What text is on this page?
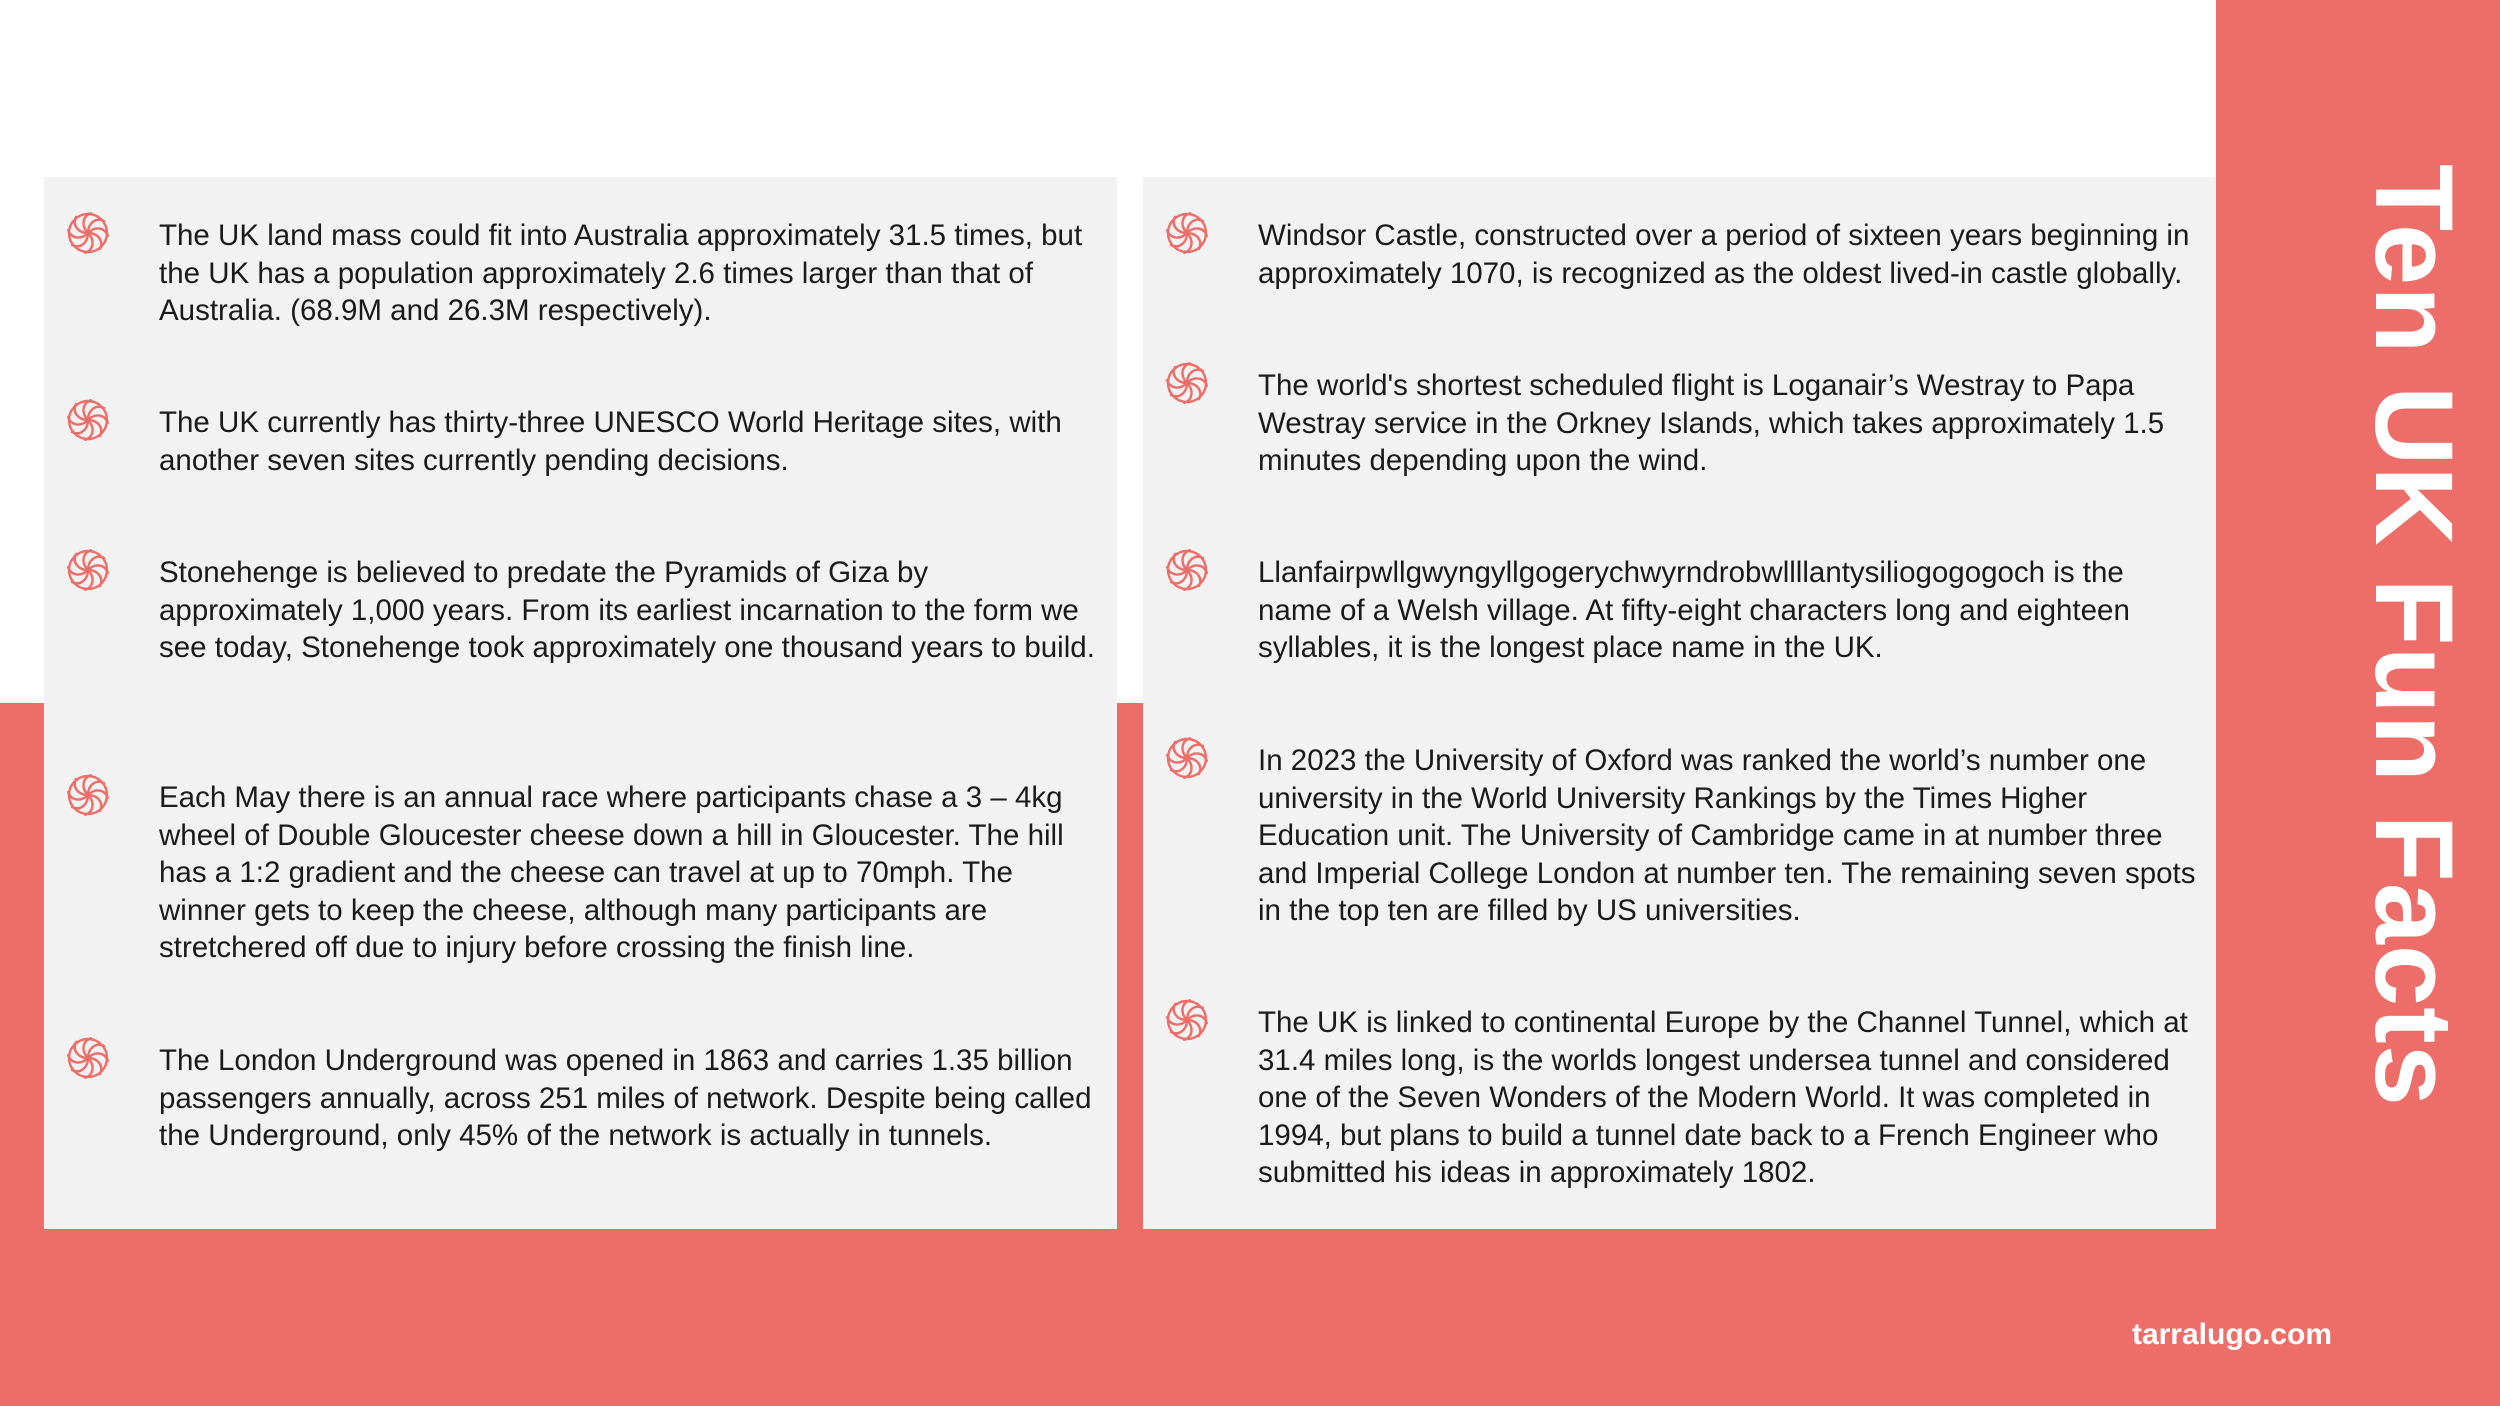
The UK land mass could fit into Australia approximately 31.5 times, but the UK has a population approximately 2.6 times larger than that of Australia. (68.9M and 26.3M respectively).

The UK currently has thirty-three UNESCO World Heritage sites, with another seven sites currently pending decisions.

Stonehenge is believed to predate the Pyramids of Giza by approximately 1,000 years. From its earliest incarnation to the form we see today, Stonehenge took approximately one thousand years to build.

Each May there is an annual race where participants chase a 3 – 4kg wheel of Double Gloucester cheese down a hill in Gloucester. The hill has a 1:2 gradient and the cheese can travel at up to 70mph. The winner gets to keep the cheese, although many participants are stretchered off due to injury before crossing the finish line.

The London Underground was opened in 1863 and carries 1.35 billion passengers annually, across 251 miles of network. Despite being called the Underground, only 45% of the network is actually in tunnels.

Windsor Castle, constructed over a period of sixteen years beginning in approximately 1070, is recognized as the oldest lived-in castle globally.

The world's shortest scheduled flight is Loganair’s Westray to Papa Westray service in the Orkney Islands, which takes approximately 1.5 minutes depending upon the wind.

Llanfairpwllgwyngyllgogerychwyrndrobwllllantysiliogogogoch is the name of a Welsh village. At fifty-eight characters long and eighteen syllables, it is the longest place name in the UK.

In 2023 the University of Oxford was ranked the world’s number one university in the World University Rankings by the Times Higher Education unit. The University of Cambridge came in at number three and Imperial College London at number ten. The remaining seven spots in the top ten are filled by US universities.

The UK is linked to continental Europe by the Channel Tunnel, which at 31.4 miles long, is the worlds longest undersea tunnel and considered one of the Seven Wonders of the Modern World. It was completed in 1994, but plans to build a tunnel date back to a French Engineer who submitted his ideas in approximately 1802.

Ten UK Fun Facts
tarralugo.com
